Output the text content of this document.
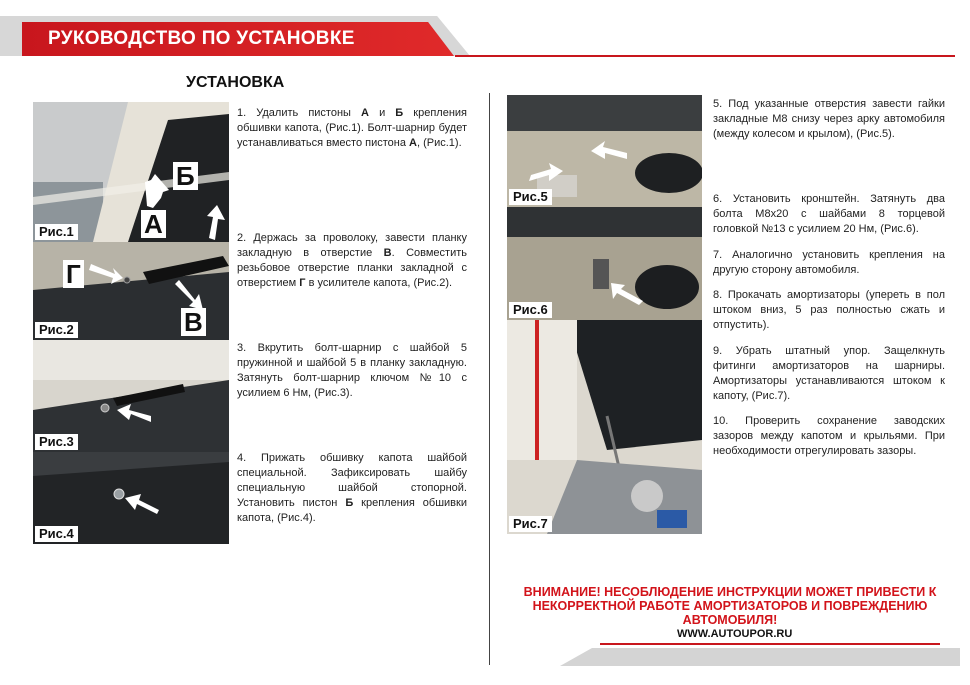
РУКОВОДСТВО ПО УСТАНОВКЕ
УСТАНОВКА
Б
А
Рис.1
Г
В
Рис.2
Рис.3
Рис.4
Рис.5
Рис.6
Рис.7
1. Удалить пистоны А и Б крепления обшивки капота, (Рис.1). Болт-шарнир будет устанавливаться вместо пистона А, (Рис.1).
2. Держась за проволоку, завести планку закладную в отверстие В. Совместить резьбовое отверстие планки закладной с отверстием Г в усилителе капота, (Рис.2).
3. Вкрутить болт-шарнир с шайбой 5 пружинной и шайбой 5 в планку закладную. Затянуть болт-шарнир ключом №10 с усилием 6 Нм, (Рис.3).
4. Прижать обшивку капота шайбой специальной. Зафиксировать шайбу специальную шайбой стопорной. Установить пистон Б крепления обшивки капота, (Рис.4).
5. Под указанные отверстия завести гайки закладные М8 снизу через арку автомобиля (между колесом и крылом), (Рис.5).
6. Установить кронштейн. Затянуть два болта М8х20 с шайбами 8 торцевой головкой №13 с усилием 20 Нм, (Рис.6).
7. Аналогично установить крепления на другую сторону автомобиля.
8. Прокачать амортизаторы (упереть в пол штоком вниз, 5 раз полностью сжать и отпустить).
9. Убрать штатный упор. Защелкнуть фитинги амортизаторов на шарниры. Амортизаторы устанавливаются штоком к капоту, (Рис.7).
10. Проверить сохранение заводских зазоров между капотом и крыльями. При необходимости отрегулировать зазоры.
ВНИМАНИЕ! НЕСОБЛЮДЕНИЕ ИНСТРУКЦИИ МОЖЕТ ПРИВЕСТИ К НЕКОРРЕКТНОЙ РАБОТЕ АМОРТИЗАТОРОВ И ПОВРЕЖДЕНИЮ АВТОМОБИЛЯ!
WWW.AUTOUPOR.RU
